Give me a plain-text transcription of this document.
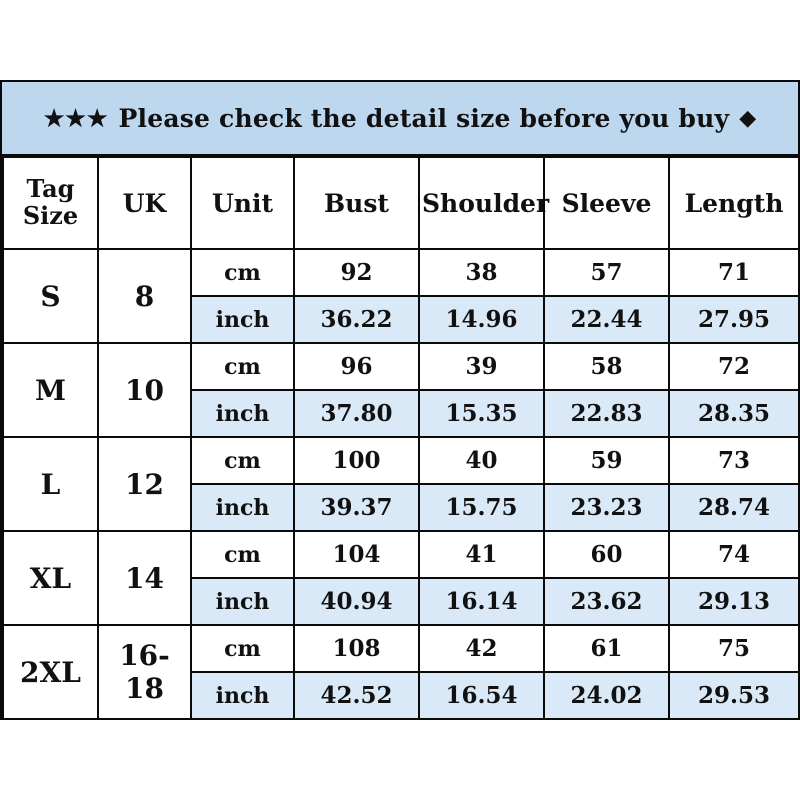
★★★ Please check the detail size before you buy ◆
Tag
Size	UK	Unit	Bust	Shoulder	Sleeve	Length
S	8	cm	92	38	57	71
		inch	36.22	14.96	22.44	27.95
M	10	cm	96	39	58	72
		inch	37.80	15.35	22.83	28.35
L	12	cm	100	40	59	73
		inch	39.37	15.75	23.23	28.74
XL	14	cm	104	41	60	74
		inch	40.94	16.14	23.62	29.13
2XL	16-18	cm	108	42	61	75
		inch	42.52	16.54	24.02	29.53
